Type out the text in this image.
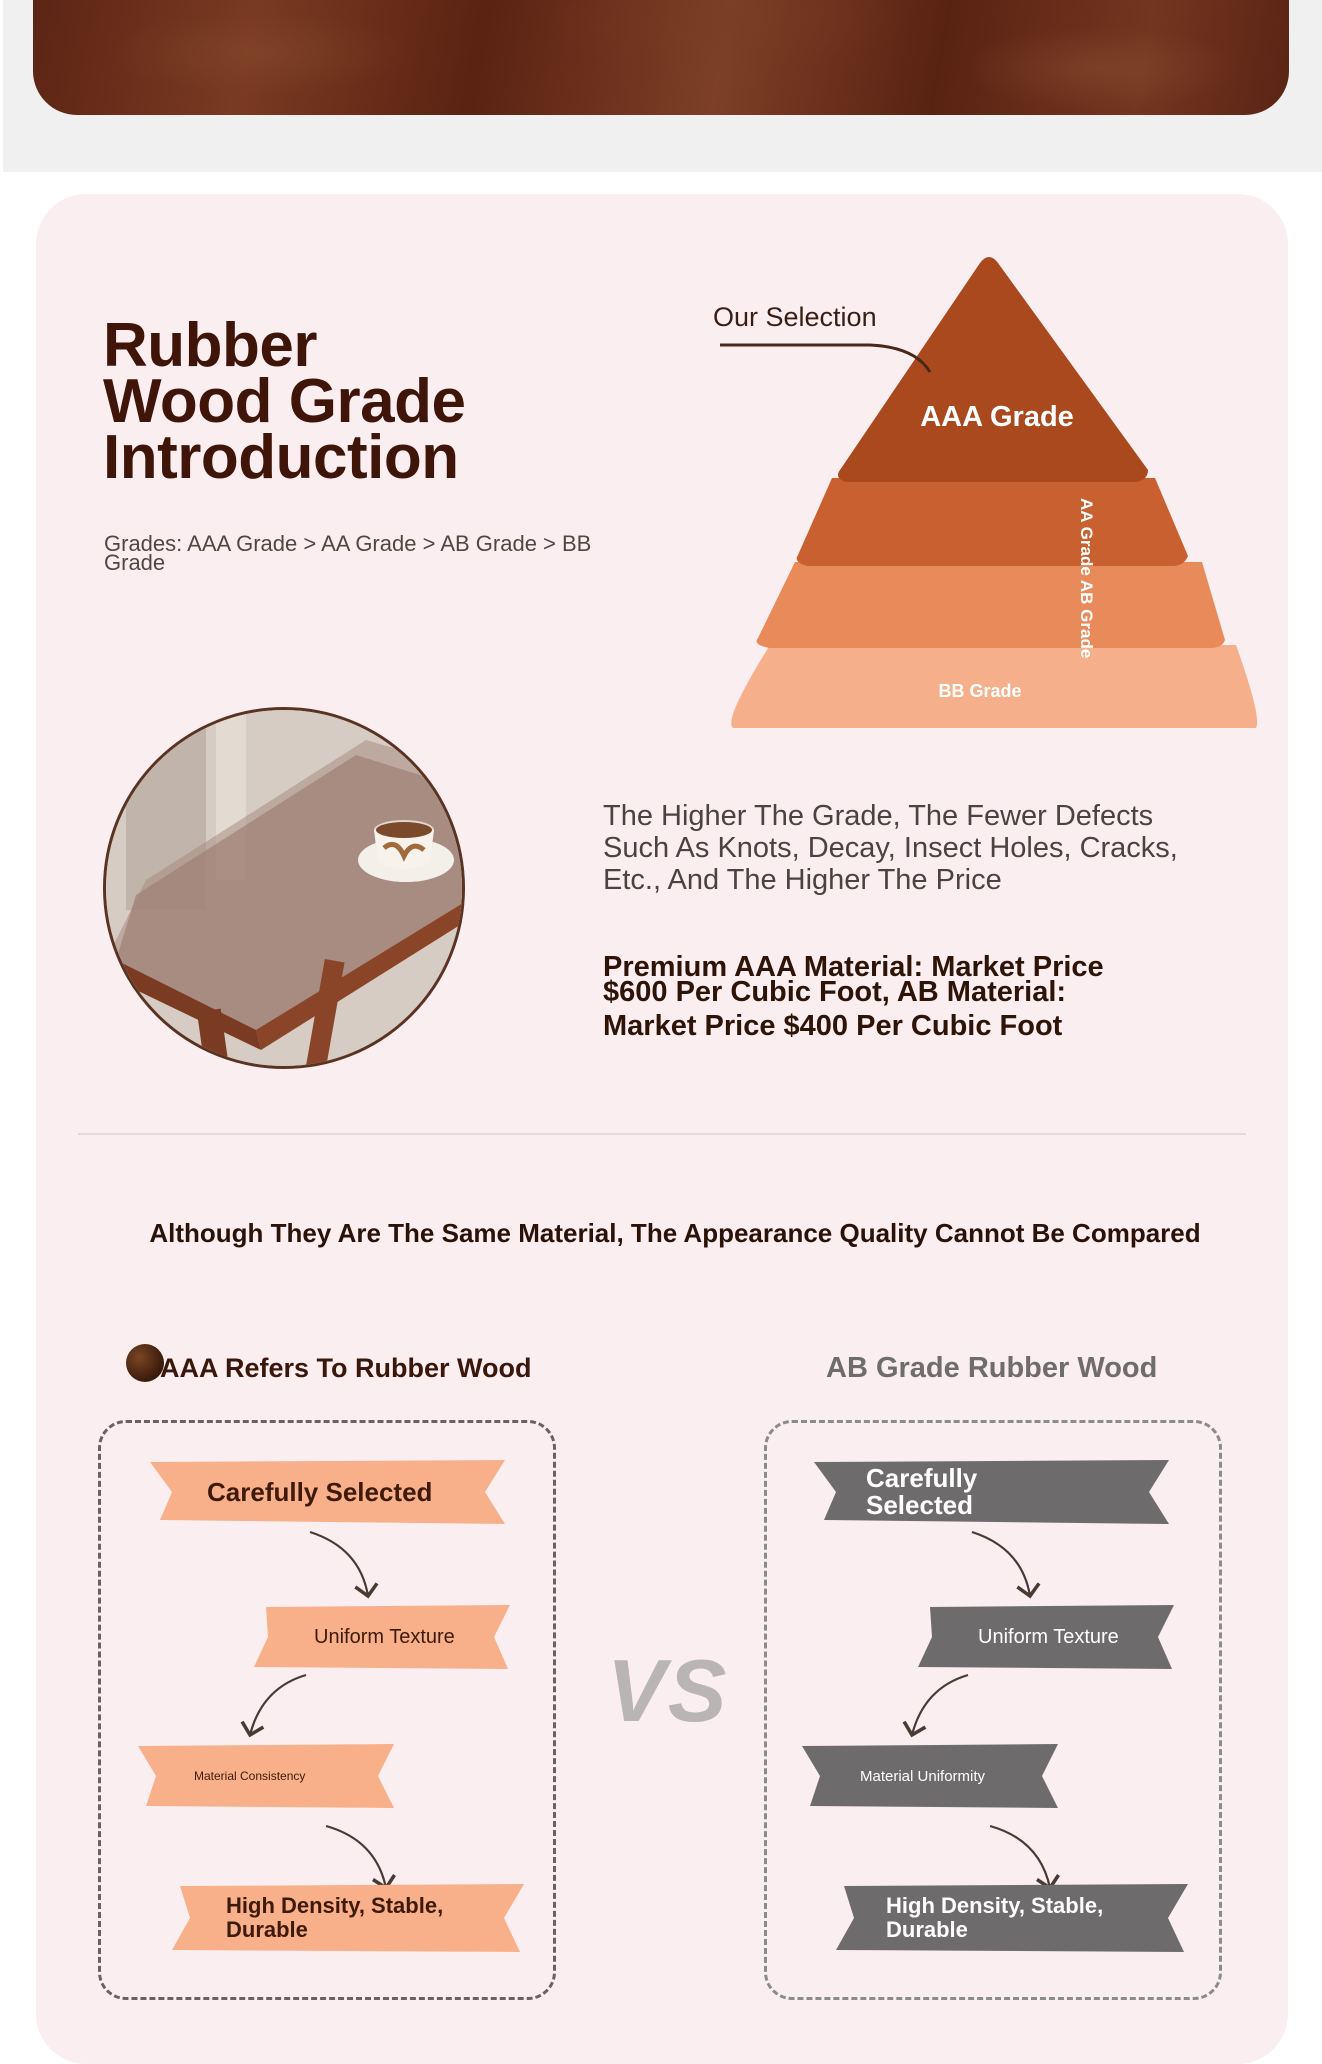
Rubber
Wood Grade
Introduction
Grades: AAA Grade > AA Grade > AB Grade > BB Grade
AAA Grade
BB Grade
AA Grade AB Grade
Our Selection
The Higher The Grade, The Fewer Defects Such As Knots, Decay, Insect Holes, Cracks, Etc., And The Higher The Price
Premium AAA Material: Market Price
$600 Per Cubic Foot, AB Material:
Market Price $400 Per Cubic Foot
Although They Are The Same Material, The Appearance Quality Cannot Be Compared
AAA Refers To Rubber Wood	AB Grade Rubber Wood
Carefully Selected
Uniform Texture
Material Consistency
High Density, Stable, Durable
VS
Carefully Selected
Uniform Texture
Material Uniformity
High Density, Stable, Durable
